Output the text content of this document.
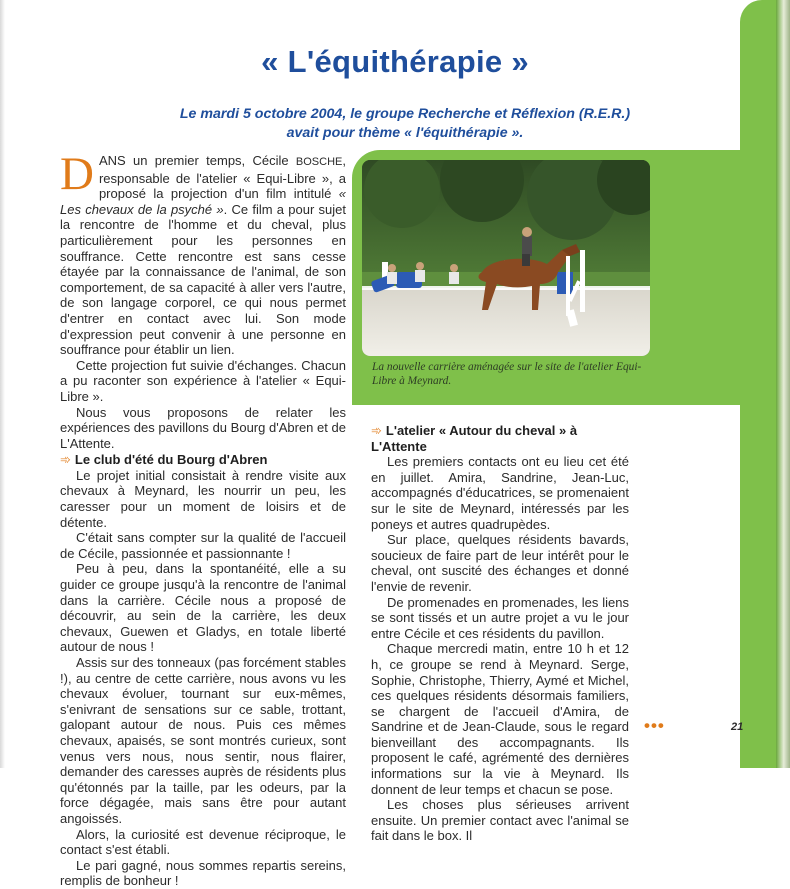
« L'équithérapie »
Le mardi 5 octobre 2004, le groupe Recherche et Réflexion (R.E.R.)
avait pour thème « l'équithérapie ».

DANS un premier temps, Cécile BOSCHE, responsable de l'atelier « Equi-Libre », a proposé la projection d'un film intitulé « Les chevaux de la psyché ». Ce film a pour sujet la rencontre de l'homme et du cheval, plus particulièrement pour les personnes en souffrance. Cette rencontre est sans cesse étayée par la connaissance de l'animal, de son comportement, de sa capacité à aller vers l'autre, de son langage corporel, ce qui nous permet d'entrer en contact avec lui. Son mode d'expression peut convenir à une personne en souffrance pour établir un lien.

Cette projection fut suivie d'échanges. Chacun a pu raconter son expérience à l'atelier « Equi-Libre ».

Nous vous proposons de relater les expériences des pavillons du Bourg d'Abren et de L'Attente.

➾ Le club d'été du Bourg d'Abren

Le projet initial consistait à rendre visite aux chevaux à Meynard, les nourrir un peu, les caresser pour un moment de loisirs et de détente.

C'était sans compter sur la qualité de l'accueil de Cécile, passionnée et passionnante !

Peu à peu, dans la spontanéité, elle a su guider ce groupe jusqu'à la rencontre de l'animal dans la carrière. Cécile nous a proposé de découvrir, au sein de la carrière, les deux chevaux, Guewen et Gladys, en totale liberté autour de nous !

Assis sur des tonneaux (pas forcément stables !), au centre de cette carrière, nous avons vu les chevaux évoluer, tournant sur eux-mêmes, s'enivrant de sensations sur ce sable, trottant, galopant autour de nous. Puis ces mêmes chevaux, apaisés, se sont montrés curieux, sont venus vers nous, nous sentir, nous flairer, demander des caresses auprès de résidents plus qu'étonnés par la taille, par les odeurs, par la force dégagée, mais sans être pour autant angoissés.

Alors, la curiosité est devenue réciproque, le contact s'est établi.

Le pari gagné, nous sommes repartis sereins, remplis de bonheur !

La nouvelle carrière aménagée sur le site de l'atelier Equi-Libre à Meynard.
➾ L'atelier « Autour du cheval » à L'Attente

Les premiers contacts ont eu lieu cet été en juillet. Amira, Sandrine, Jean-Luc, accompagnés d'éducatrices, se promenaient sur le site de Meynard, intéressés par les poneys et autres quadrupèdes.

Sur place, quelques résidents bavards, soucieux de faire part de leur intérêt pour le cheval, ont suscité des échanges et donné l'envie de revenir.

De promenades en promenades, les liens se sont tissés et un autre projet a vu le jour entre Cécile et ces résidents du pavillon.

Chaque mercredi matin, entre 10 h et 12 h, ce groupe se rend à Meynard. Serge, Sophie, Christophe, Thierry, Aymé et Michel, ces quelques résidents désormais familiers, se chargent de l'accueil d'Amira, de Sandrine et de Jean-Claude, sous le regard bienveillant des accompagnants. Ils proposent le café, agrémenté des dernières informations sur la vie à Meynard. Ils donnent de leur temps et chacun se pose.

Les choses plus sérieuses arrivent ensuite. Un premier contact avec l'animal se fait dans le box. Il

•••	21
